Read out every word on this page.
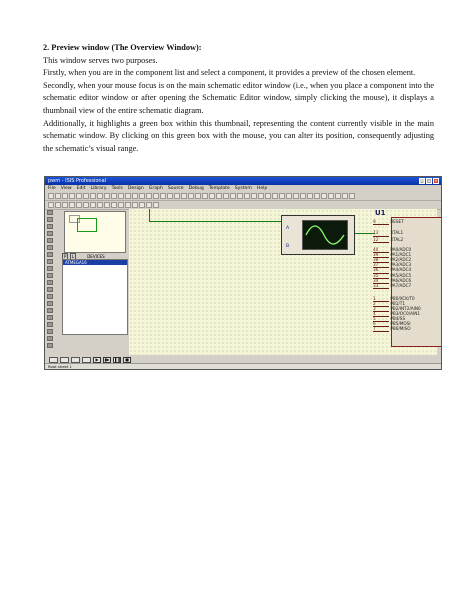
2. Preview window (The Overview Window):

This window serves two purposes.

Firstly, when you are in the component list and select a component, it provides a preview of the chosen element.

Secondly, when your mouse focus is on the main schematic editor window (i.e., when you place a component into the schematic editor window or after opening the Schematic Editor window, simply clicking the mouse), it displays a thumbnail view of the entire schematic diagram.

Additionally, it highlights a green box within this thumbnail, representing the content currently visible in the main schematic window. By clicking on this green box with the mouse, you can alter its position, consequently adjusting the schematic’s visual range.

pwm - ISIS Professional	_	□ ×
File View Edit Library Tools Design Graph Source Debug Template System Help
P L	DEVICES
ATMEGA16
A
B
U1
9	RESET
13	XTAL1
12	XTAL2
40	PA0/ADC0
39	PA1/ADC1
38	PA2/ADC2
37	PA3/ADC3
36	PA4/ADC4
35	PA5/ADC5
34	PA6/ADC6
33	PA7/ADC7
1	PB0/XCK/T0
2	PB1/T1
3	PB2/INT2/AIN0
4	PB3/OC0/AIN1
5	PB4/SS
6	PB5/MOSI
7	PB6/MISO
▶	▮▶	❚❚	■
Root sheet 1
